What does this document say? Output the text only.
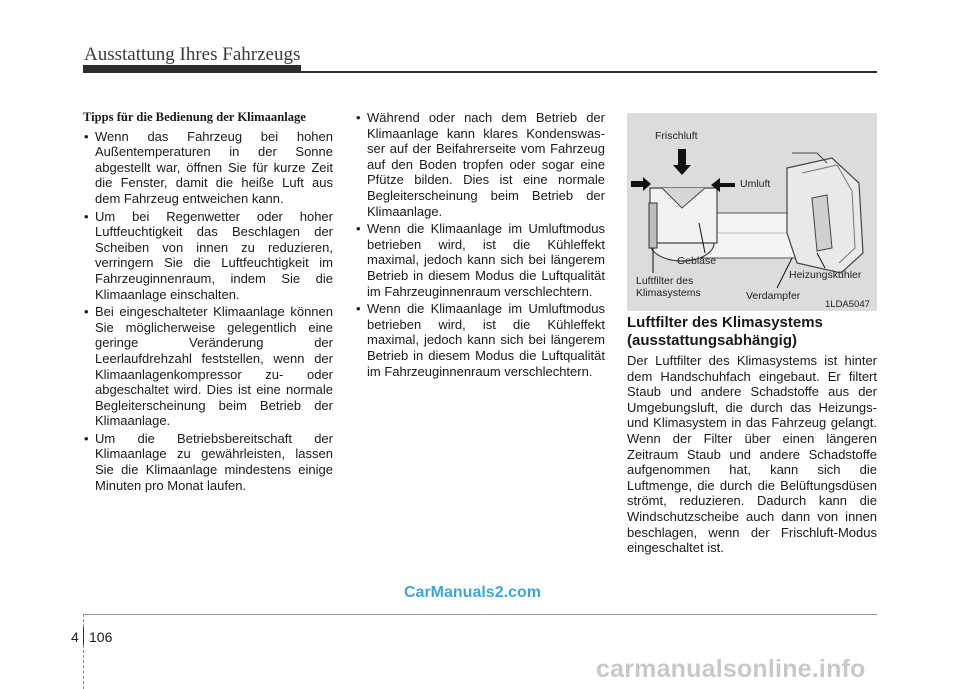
Ausstattung Ihres Fahrzeugs
Tipps für die Bedienung der Klimaanlage
• Wenn das Fahrzeug bei hohen Außentemperaturen in der Sonne abgestellt war, öffnen Sie für kurze Zeit die Fenster, damit die heiße Luft aus dem Fahrzeug entweichen kann.
• Um bei Regenwetter oder hoher Luftfeuchtigkeit das Beschlagen der Scheiben von innen zu reduzieren, verringern Sie die Luftfeuchtigkeit im Fahrzeuginnenraum, indem Sie die Klimaanlage einschalten.
• Bei eingeschalteter Klimaanlage können Sie möglicherweise gelegentlich eine geringe Veränderung der Leerlaufdrehzahl feststellen, wenn der Klimaanlagenkompressor zu- oder abgeschaltet wird. Dies ist eine normale Begleiterscheinung beim Betrieb der Klimaanlage.
• Um die Betriebsbereitschaft der Klimaanlage zu gewährleisten, lassen Sie die Klimaanlage mindestens einige Minuten pro Monat laufen.
• Während oder nach dem Betrieb der Klimaanlage kann klares Kondenswas-ser auf der Beifahrerseite vom Fahrzeug auf den Boden tropfen oder sogar eine Pfütze bilden. Dies ist eine normale Begleiterscheinung beim Betrieb der Klimaanlage.
• Wenn die Klimaanlage im Umluftmodus betrieben wird, ist die Kühleffekt maximal, jedoch kann sich bei längerem Betrieb in diesem Modus die Luftqualität im Fahrzeuginnenraum verschlechtern.
• Wenn die Klimaanlage im Umluftmodus betrieben wird, ist die Kühleffekt maximal, jedoch kann sich bei längerem Betrieb in diesem Modus die Luftqualität im Fahrzeuginnenraum verschlechtern.
Frischluft
Umluft
Gebläse
Heizungskühler
Luftfilter des
Klimasystems	Verdampfer
1LDA5047
Luftfilter des Klimasystems
(ausstattungsabhängig)
Der Luftfilter des Klimasystems ist hinter dem Handschuhfach eingebaut. Er filtert Staub und andere Schadstoffe aus der Umgebungsluft, die durch das Heizungs- und Klimasystem in das Fahrzeug gelangt. Wenn der Filter über einen längeren Zeitraum Staub und andere Schadstoffe aufgenommen hat, kann sich die Luftmenge, die durch die Belüftungsdüsen strömt, reduzieren. Dadurch kann die Windschutzscheibe auch dann von innen beschlagen, wenn der Frischluft-Modus eingeschaltet ist.
CarManuals2.com
4 106
carmanualsonline.info
